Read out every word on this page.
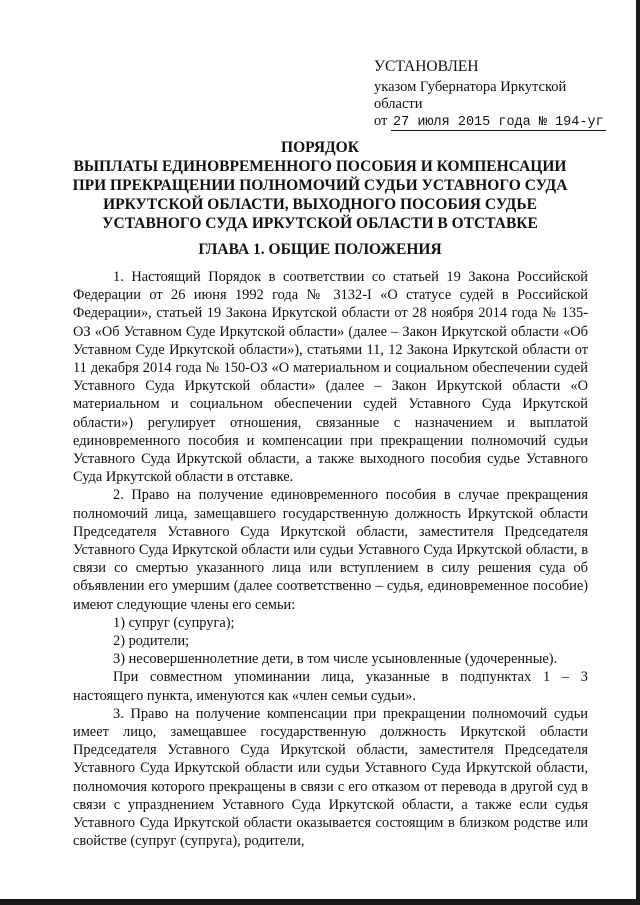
УСТАНОВЛЕН
указом Губернатора Иркутской
области
от 27 июля 2015 года № 194-уг
ПОРЯДОК
ВЫПЛАТЫ ЕДИНОВРЕМЕННОГО ПОСОБИЯ И КОМПЕНСАЦИИ
ПРИ ПРЕКРАЩЕНИИ ПОЛНОМОЧИЙ СУДЬИ УСТАВНОГО СУДА
ИРКУТСКОЙ ОБЛАСТИ, ВЫХОДНОГО ПОСОБИЯ СУДЬЕ
УСТАВНОГО СУДА ИРКУТСКОЙ ОБЛАСТИ В ОТСТАВКЕ
ГЛАВА 1. ОБЩИЕ ПОЛОЖЕНИЯ

1. Настоящий Порядок в соответствии со статьей 19 Закона Российской Федерации от 26 июня 1992 года № 3132-I «О статусе судей в Российской Федерации», статьей 19 Закона Иркутской области от 28 ноября 2014 года № 135-ОЗ «Об Уставном Суде Иркутской области» (далее – Закон Иркутской области «Об Уставном Суде Иркутской области»), статьями 11, 12 Закона Иркутской области от 11 декабря 2014 года № 150-ОЗ «О материальном и социальном обеспечении судей Уставного Суда Иркутской области» (далее – Закон Иркутской области «О материальном и социальном обеспечении судей Уставного Суда Иркутской области») регулирует отношения, связанные с назначением и выплатой единовременного пособия и компенсации при прекращении полномочий судьи Уставного Суда Иркутской области, а также выходного пособия судье Уставного Суда Иркутской области в отставке.

2. Право на получение единовременного пособия в случае прекращения полномочий лица, замещавшего государственную должность Иркутской области Председателя Уставного Суда Иркутской области, заместителя Председателя Уставного Суда Иркутской области или судьи Уставного Суда Иркутской области, в связи со смертью указанного лица или вступлением в силу решения суда об объявлении его умершим (далее соответственно – судья, единовременное пособие) имеют следующие члены его семьи:

1) супруг (супруга);

2) родители;

3) несовершеннолетние дети, в том числе усыновленные (удочеренные).

При совместном упоминании лица, указанные в подпунктах 1 – 3 настоящего пункта, именуются как «член семьи судьи».

3. Право на получение компенсации при прекращении полномочий судьи имеет лицо, замещавшее государственную должность Иркутской области Председателя Уставного Суда Иркутской области, заместителя Председателя Уставного Суда Иркутской области или судьи Уставного Суда Иркутской области, полномочия которого прекращены в связи с его отказом от перевода в другой суд в связи с упразднением Уставного Суда Иркутской области, а также если судья Уставного Суда Иркутской области оказывается состоящим в близком родстве или свойстве (супруг (супруга), родители,
